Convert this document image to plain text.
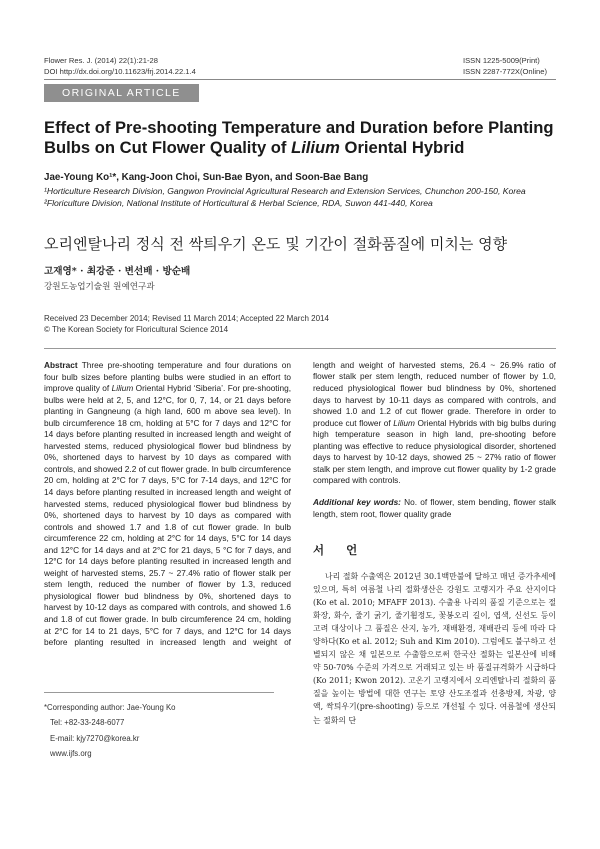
Flower Res. J. (2014) 22(1):21-28
DOI http://dx.doi.org/10.11623/frj.2014.22.1.4
ISSN 1225-5009(Print)
ISSN 2287-772X(Online)
ORIGINAL ARTICLE
Effect of Pre-shooting Temperature and Duration before Planting Bulbs on Cut Flower Quality of Lilium Oriental Hybrid
Jae-Young Ko¹*, Kang-Joon Choi, Sun-Bae Byon, and Soon-Bae Bang
¹Horticulture Research Division, Gangwon Provincial Agricultural Research and Extension Services, Chunchon 200-150, Korea
²Floriculture Division, National Institute of Horticultural & Herbal Science, RDA, Suwon 441-440, Korea
오리엔탈나리 정식 전 싹틔우기 온도 및 기간이 절화품질에 미치는 영향
고재영* · 최강준 · 변선배 · 방순배
강원도농업기술원 원예연구과
Received 23 December 2014; Revised 11 March 2014; Accepted 22 March 2014
© The Korean Society for Floricultural Science 2014
Abstract Three pre-shooting temperature and four durations on four bulb sizes before planting bulbs were studied in an effort to improve quality of Lilium Oriental Hybrid ‘Siberia’. For pre-shooting, bulbs were held at 2, 5, and 12°C, for 0, 7, 14, or 21 days before planting in Gangneung (a high land, 600 m above sea level). In bulb circumference 18 cm, holding at 5°C for 7 days and 12°C for 14 days before planting resulted in increased length and weight of harvested stems, reduced physiological flower bud blindness by 0%, shortened days to harvest by 10 days as compared with controls, and showed 2.2 of cut flower grade. In bulb circumference 20 cm, holding at 2°C for 7 days, 5°C for 7-14 days, and 12°C for 14 days before planting resulted in increased length and weight of harvested stems, reduced physiological flower bud blindness by 0%, shortened days to harvest by 10 days as compared with controls and showed 1.7 and 1.8 of cut flower grade. In bulb circumference 22 cm, holding at 2°C for 14 days, 5°C for 14 days and 12°C for 14 days and at 2°C for 21 days, 5 °C for 7 days, and 12°C for 14 days before planting resulted in increased length and weight of harvested stems, 25.7 ~ 27.4% ratio of flower stalk per stem length, reduced the number of flower by 1.3, reduced physiological flower bud blindness by 0%, shortened days to harvest by 10-12 days as compared with controls, and showed 1.6 and 1.8 of cut flower grade. In bulb circumference 24 cm, holding at 2°C for 14 to 21 days, 5°C for 7 days, and 12°C for 14 days before planting resulted in increased length and weight of
length and weight of harvested stems, 26.4 ~ 26.9% ratio of flower stalk per stem length, reduced number of flower by 1.0, reduced physiological flower bud blindness by 0%, shortened days to harvest by 10-11 days as compared with controls, and showed 1.0 and 1.2 of cut flower grade. Therefore in order to produce cut flower of Lilium Oriental Hybrids with big bulbs during high temperature season in high land, pre-shooting before planting was effective to reduce physiological disorder, shortened days to harvest by 10-12 days, showed 25 ~ 27% ratio of flower stalk per stem length, and improve cut flower quality by 1-2 grade compared with controls.
Additional key words: No. of flower, stem bending, flower stalk length, stem root, flower quality grade
서 언
나리 절화 수출액은 2012년 30.1백만불에 달하고 매년 증가추세에 있으며, 특히 여름철 나리 절화생산은 강원도 고랭지가 주요 산지이다(Ko et al. 2010; MFAFF 2013). 수출용 나리의 품질 기준으로는 절화장, 화수, 줄기 굵기, 줄기휨정도, 꽃봉오리 길이, 엽색, 신선도 등이 고려 대상이나 그 품질은 산지, 농가, 재배환경, 재배관리 등에 따라 다양하다(Ko et al. 2012; Suh and Kim 2010). 그럼에도 불구하고 선별되지 않은 채 일본으로 수출함으로써 한국산 절화는 일본산에 비해 약 50-70% 수준의 가격으로 거래되고 있는 바 품질규격화가 시급하다(Ko 2011; Kwon 2012). 고온기 고랭지에서 오리엔탈나리 절화의 품질을 높이는 방법에 대한 연구는 토양 산도조절과 선충방제, 차광, 양액, 싹틔우기(pre-shooting) 등으로 개선될 수 있다. 여름철에 생산되는 절화의 단
*Corresponding author: Jae-Young Ko
Tel: +82-33-248-6077
E-mail: kjy7270@korea.kr
www.ijfs.org
